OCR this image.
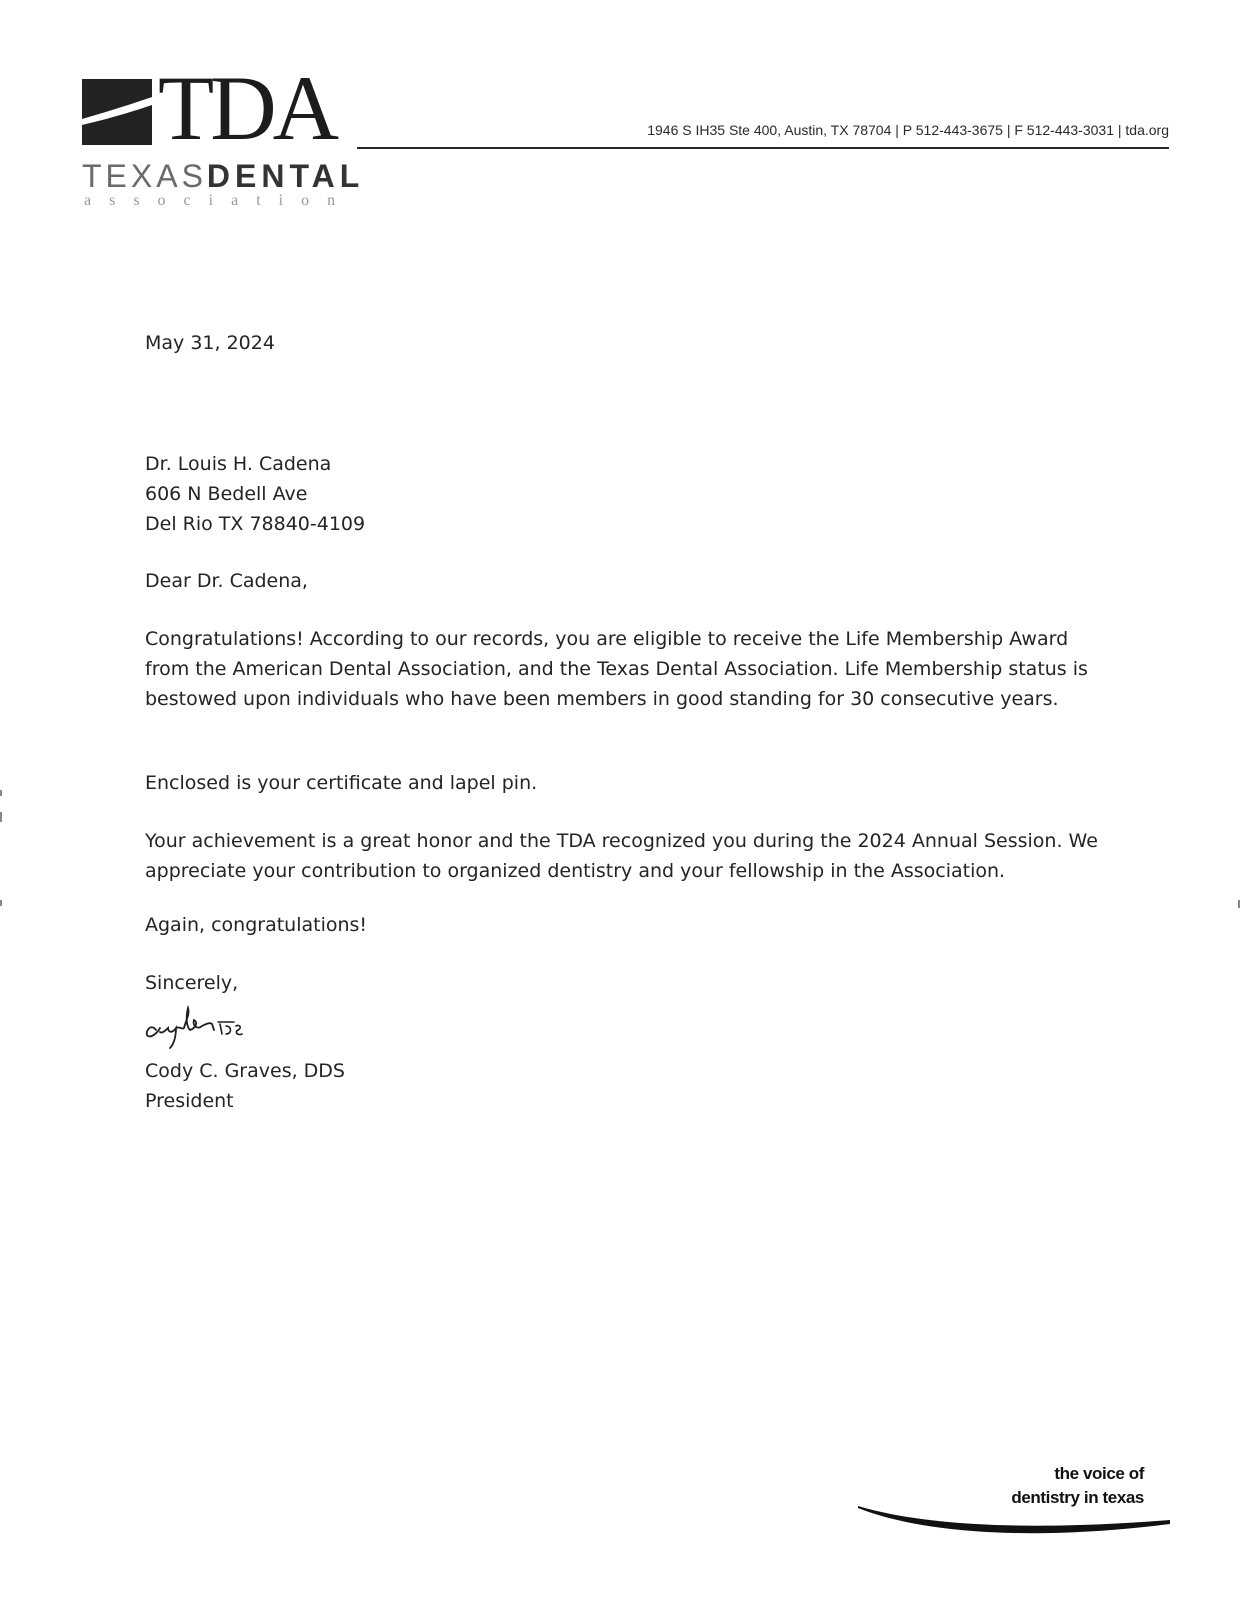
TDA
TEXASDENTAL
association
1946 S IH35 Ste 400, Austin, TX 78704 | P 512-443-3675 | F 512-443-3031 | tda.org
May 31, 2024

Dr. Louis H. Cadena

606 N Bedell Ave

Del Rio TX 78840-4109

Dear Dr. Cadena,
Congratulations! According to our records, you are eligible to receive the Life Membership Award from the American Dental Association, and the Texas Dental Association. Life Membership status is bestowed upon individuals who have been members in good standing for 30 consecutive years.
Enclosed is your certificate and lapel pin.
Your achievement is a great honor and the TDA recognized you during the 2024 Annual Session. We appreciate your contribution to organized dentistry and your fellowship in the Association.
Again, congratulations!
Sincerely,

Cody C. Graves, DDS

President

the voice of
dentistry in texas
